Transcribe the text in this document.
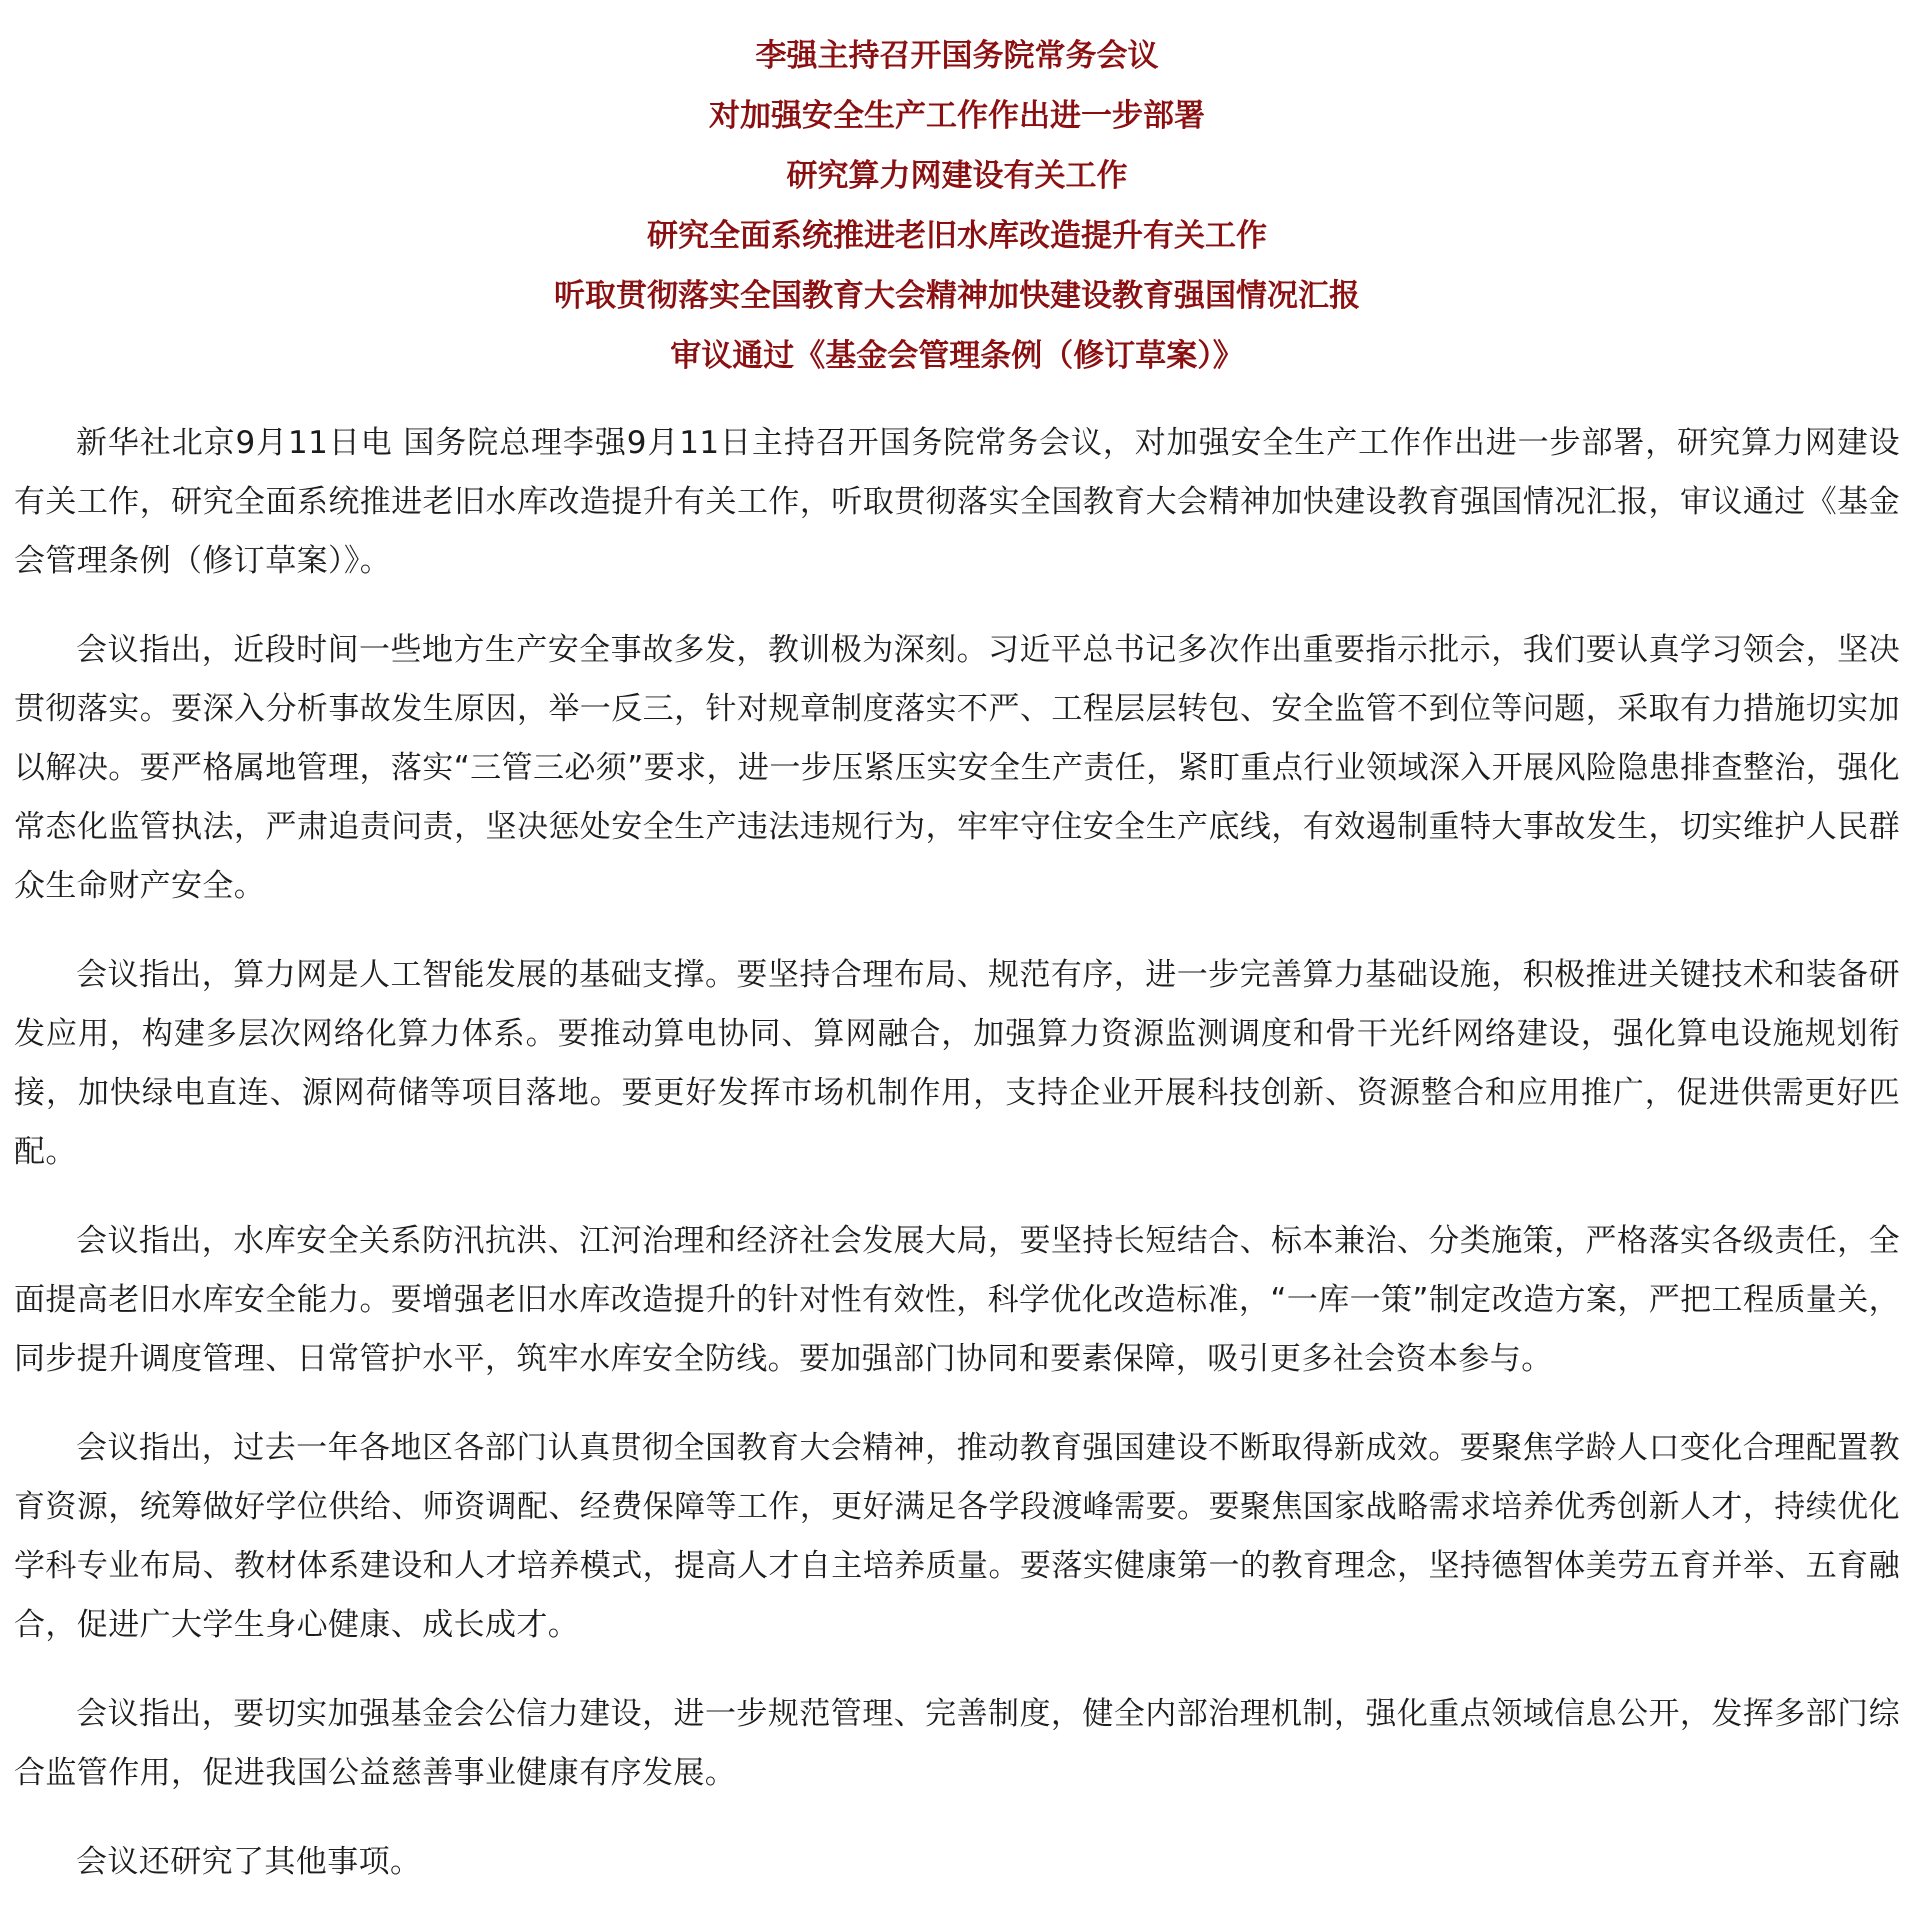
李强主持召开国务院常务会议
对加强安全生产工作作出进一步部署
研究算力网建设有关工作
研究全面系统推进老旧水库改造提升有关工作
听取贯彻落实全国教育大会精神加快建设教育强国情况汇报
审议通过《基金会管理条例（修订草案）》

新华社北京9月11日电 国务院总理李强9月11日主持召开国务院常务会议，对加强安全生产工作作出进一步部署，研究算力网建设有关工作，研究全面系统推进老旧水库改造提升有关工作，听取贯彻落实全国教育大会精神加快建设教育强国情况汇报，审议通过《基金会管理条例（修订草案）》。

会议指出，近段时间一些地方生产安全事故多发，教训极为深刻。习近平总书记多次作出重要指示批示，我们要认真学习领会，坚决贯彻落实。要深入分析事故发生原因，举一反三，针对规章制度落实不严、工程层层转包、安全监管不到位等问题，采取有力措施切实加以解决。要严格属地管理，落实“三管三必须”要求，进一步压紧压实安全生产责任，紧盯重点行业领域深入开展风险隐患排查整治，强化常态化监管执法，严肃追责问责，坚决惩处安全生产违法违规行为，牢牢守住安全生产底线，有效遏制重特大事故发生，切实维护人民群众生命财产安全。

会议指出，算力网是人工智能发展的基础支撑。要坚持合理布局、规范有序，进一步完善算力基础设施，积极推进关键技术和装备研发应用，构建多层次网络化算力体系。要推动算电协同、算网融合，加强算力资源监测调度和骨干光纤网络建设，强化算电设施规划衔接，加快绿电直连、源网荷储等项目落地。要更好发挥市场机制作用，支持企业开展科技创新、资源整合和应用推广，促进供需更好匹配。

会议指出，水库安全关系防汛抗洪、江河治理和经济社会发展大局，要坚持长短结合、标本兼治、分类施策，严格落实各级责任，全面提高老旧水库安全能力。要增强老旧水库改造提升的针对性有效性，科学优化改造标准，“一库一策”制定改造方案，严把工程质量关，同步提升调度管理、日常管护水平，筑牢水库安全防线。要加强部门协同和要素保障，吸引更多社会资本参与。

会议指出，过去一年各地区各部门认真贯彻全国教育大会精神，推动教育强国建设不断取得新成效。要聚焦学龄人口变化合理配置教育资源，统筹做好学位供给、师资调配、经费保障等工作，更好满足各学段渡峰需要。要聚焦国家战略需求培养优秀创新人才，持续优化学科专业布局、教材体系建设和人才培养模式，提高人才自主培养质量。要落实健康第一的教育理念，坚持德智体美劳五育并举、五育融合，促进广大学生身心健康、成长成才。

会议指出，要切实加强基金会公信力建设，进一步规范管理、完善制度，健全内部治理机制，强化重点领域信息公开，发挥多部门综合监管作用，促进我国公益慈善事业健康有序发展。

会议还研究了其他事项。
